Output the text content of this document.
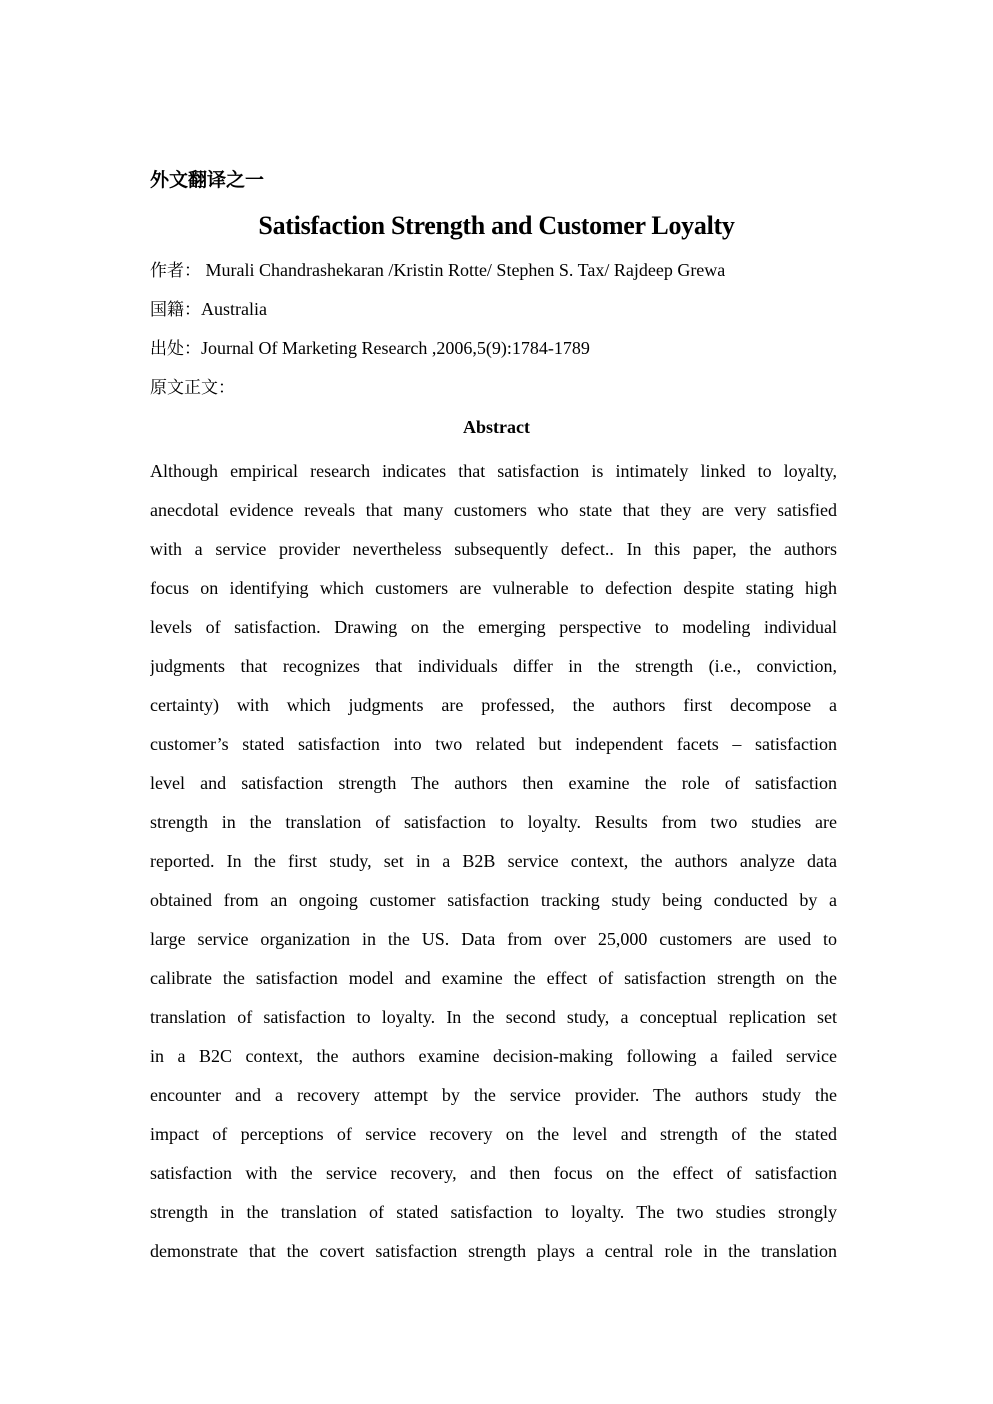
外文翻译之一
Satisfaction Strength and Customer Loyalty
作者： Murali Chandrashekaran /Kristin Rotte/ Stephen S. Tax/ Rajdeep Grewa
国籍：Australia
出处：Journal Of Marketing Research ,2006,5(9):1784-1789
原文正文：
Abstract
Although empirical research indicates that satisfaction is intimately linked to loyalty,
anecdotal evidence reveals that many customers who state that they are very satisfied
with a service provider nevertheless subsequently defect.. In this paper, the authors
focus on identifying which customers are vulnerable to defection despite stating high
levels of satisfaction. Drawing on the emerging perspective to modeling individual
judgments that recognizes that individuals differ in the strength (i.e., conviction,
certainty) with which judgments are professed, the authors first decompose a
customer’s stated satisfaction into two related but independent facets – satisfaction
level and satisfaction strength The authors then examine the role of satisfaction
strength in the translation of satisfaction to loyalty. Results from two studies are
reported. In the first study, set in a B2B service context, the authors analyze data
obtained from an ongoing customer satisfaction tracking study being conducted by a
large service organization in the US. Data from over 25,000 customers are used to
calibrate the satisfaction model and examine the effect of satisfaction strength on the
translation of satisfaction to loyalty. In the second study, a conceptual replication set
in a B2C context, the authors examine decision-making following a failed service
encounter and a recovery attempt by the service provider. The authors study the
impact of perceptions of service recovery on the level and strength of the stated
satisfaction with the service recovery, and then focus on the effect of satisfaction
strength in the translation of stated satisfaction to loyalty. The two studies strongly
demonstrate that the covert satisfaction strength plays a central role in the translation
